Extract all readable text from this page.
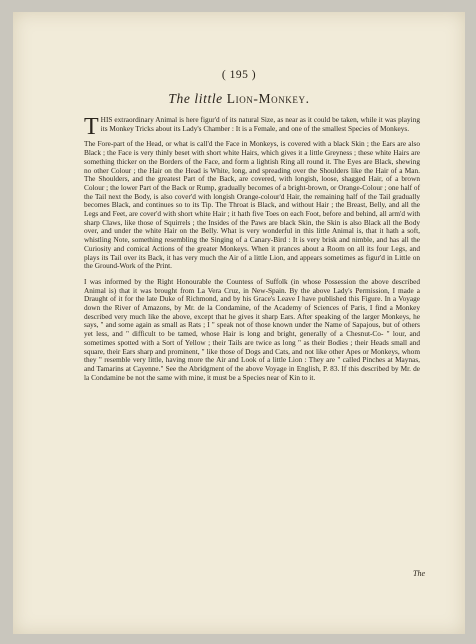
( 195 )
The little Lion-Monkey.

THIS extraordinary Animal is here figur'd of its natural Size, as near as it could be taken, while it was playing its Monkey Tricks about its Lady's Chamber : It is a Female, and one of the smallest Species of Monkeys.

The Fore-part of the Head, or what is call'd the Face in Monkeys, is covered with a black Skin ; the Ears are also Black ; the Face is very thinly beset with short white Hairs, which gives it a little Greyness ; these white Hairs are something thicker on the Borders of the Face, and form a lightish Ring all round it. The Eyes are Black, shewing no other Colour ; the Hair on the Head is White, long, and spreading over the Shoulders like the Hair of a Man. The Shoulders, and the greatest Part of the Back, are covered, with longish, loose, shagged Hair, of a brown Colour ; the lower Part of the Back or Rump, gradually becomes of a bright-brown, or Orange-Colour ; one half of the Tail next the Body, is also cover'd with longish Orange-colour'd Hair, the remaining half of the Tail gradually becomes Black, and continues so to its Tip. The Throat is Black, and without Hair ; the Breast, Belly, and all the Legs and Feet, are cover'd with short white Hair ; it hath five Toes on each Foot, before and behind, all arm'd with sharp Claws, like those of Squirrels ; the Insides of the Paws are black Skin, the Skin is also Black all the Body over, and under the white Hair on the Belly. What is very wonderful in this little Animal is, that it hath a soft, whistling Note, something resembling the Singing of a Canary-Bird : It is very brisk and nimble, and has all the Curiosity and comical Actions of the greater Monkeys. When it prances about a Room on all its four Legs, and plays its Tail over its Back, it has very much the Air of a little Lion, and appears sometimes as figur'd in Little on the Ground-Work of the Print.

I was informed by the Right Honourable the Countess of Suffolk (in whose Possession the above described Animal is) that it was brought from La Vera Cruz, in New-Spain. By the above Lady's Permission, I made a Draught of it for the late Duke of Richmond, and by his Grace's Leave I have published this Figure. In a Voyage down the River of Amazons, by Mr. de la Condamine, of the Academy of Sciences of Paris, I find a Monkey described very much like the above, except that he gives it sharp Ears. After speaking of the larger Monkeys, he says, " and some again as small as Rats ; I " speak not of those known under the Name of Sapajous, but of others yet less, and " difficult to be tamed, whose Hair is long and bright, generally of a Chesnut-Co- " lour, and sometimes spotted with a Sort of Yellow ; their Tails are twice as long " as their Bodies ; their Heads small and square, their Ears sharp and prominent, " like those of Dogs and Cats, and not like other Apes or Monkeys, whom they " resemble very little, having more the Air and Look of a little Lion : They are " called Pinches at Maynas, and Tamarins at Cayenne." See the Abridgment of the above Voyage in English, P. 83. If this described by Mr. de la Condamine be not the same with mine, it must be a Species near of Kin to it.

The
